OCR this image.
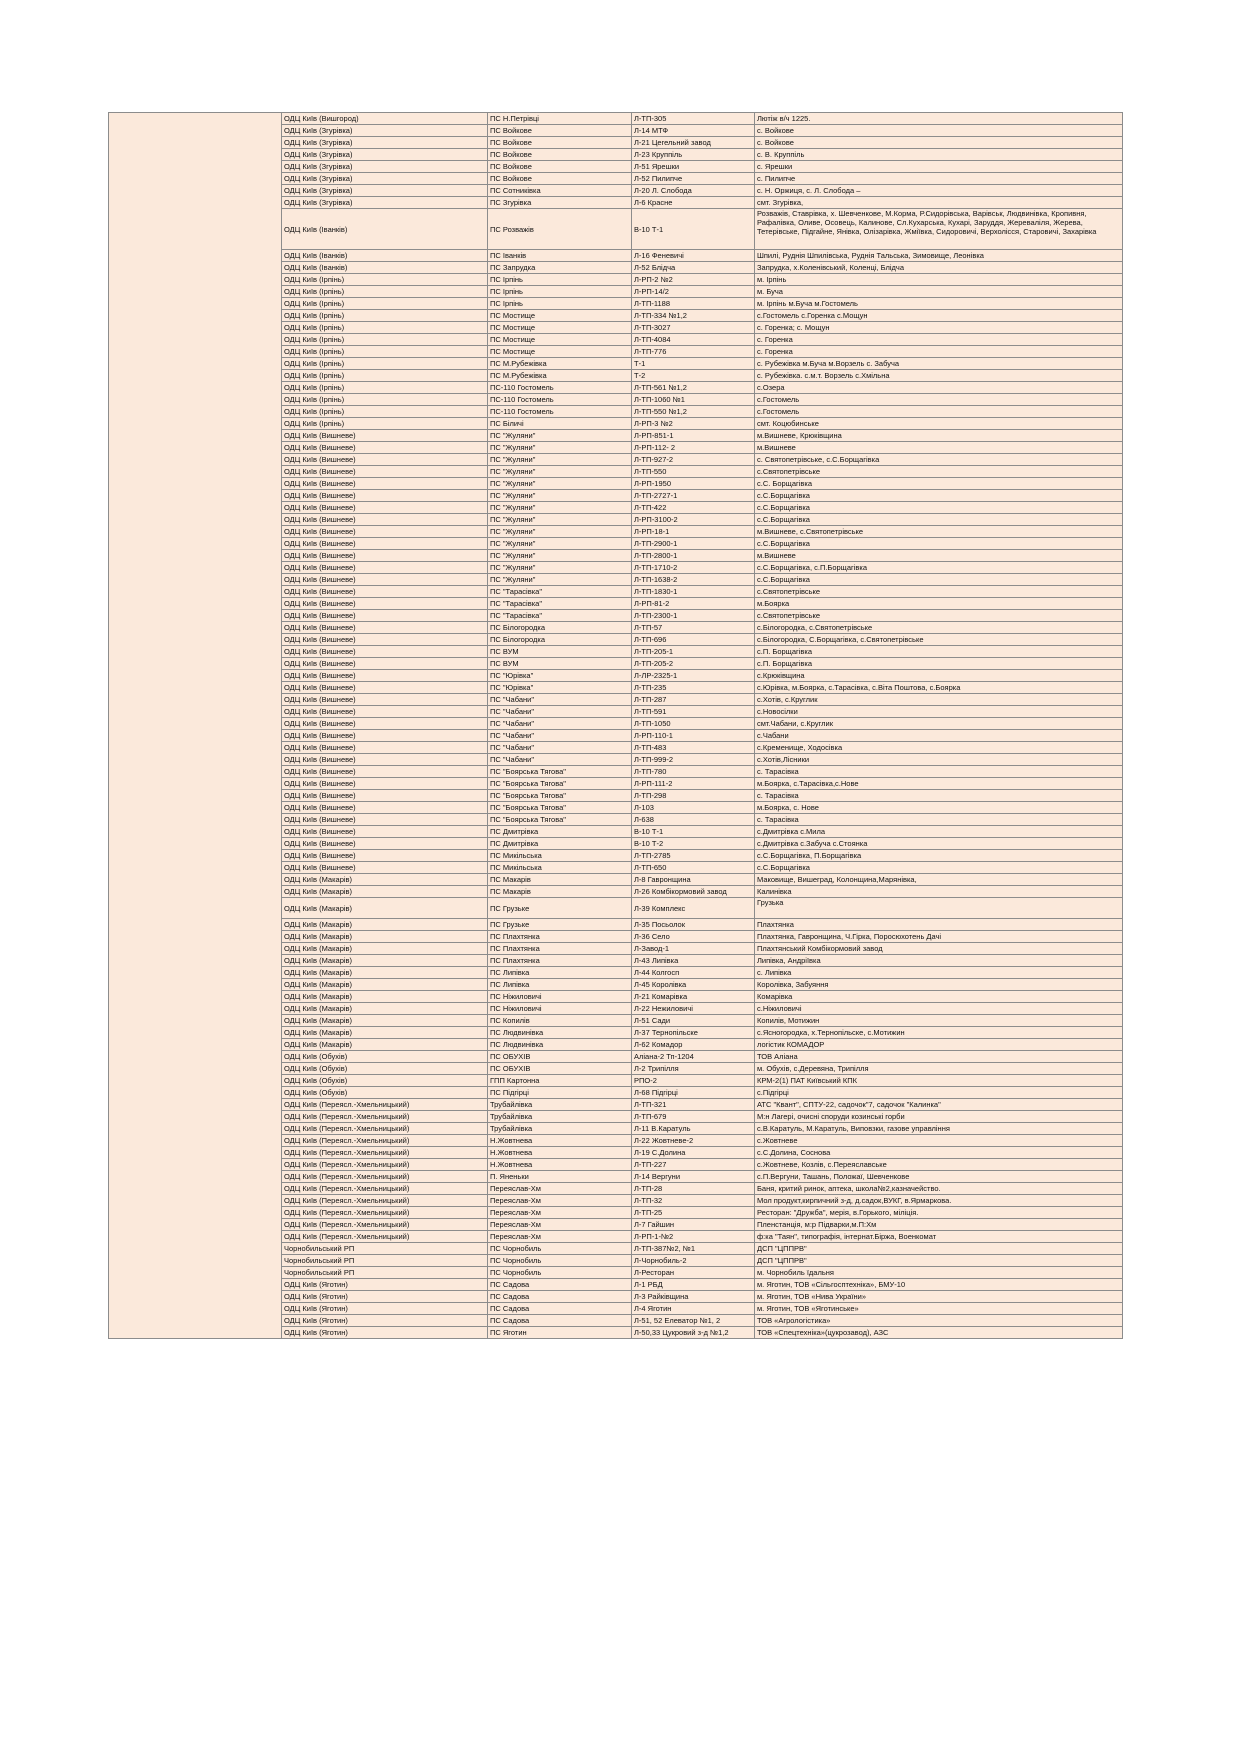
	ОДЦ Київ (Вишгород)	ПС Н.Петрівці	Л-ТП-305	Лютіж в/ч 1225.
	ОДЦ Київ (Згурівка)	ПС Войкове	Л-14 МТФ	с. Войкове
	ОДЦ Київ (Згурівка)	ПС Войкове	Л-21 Цегельний завод	с. Войкове
	ОДЦ Київ (Згурівка)	ПС Войкове	Л-23 Круппіль	с. В. Круппіль
	ОДЦ Київ (Згурівка)	ПС Войкове	Л-51 Ярешки	с. Ярешки
	ОДЦ Київ (Згурівка)	ПС Войкове	Л-52 Пилипче	с. Пилипче
	ОДЦ Київ (Згурівка)	ПС Сотниківка	Л-20 Л. Слобода	с. Н. Оржиця, с. Л. Слобода –
	ОДЦ Київ (Згурівка)	ПС Згурівка	Л-6 Красне	смт. Згурівка,
	ОДЦ Київ (Іванків)	ПС Розважів	В-10 Т-1	Розважів, Ставрівка, х. Шевченкове, М.Корма, Р.Сидорівська, Варівськ, Людвинівка, Кропивня, Рафалівка, Оливе, Осовець, Калинове, Сл.Кухарська, Кухарі, Заруддя, Жереваліля, Жерева, Тетерівське, Підгайне, Янівка, Олізарівка, Жміївка, Сидоровичі, Верхолісся, Старовичі, Захарівка
	ОДЦ Київ (Іванків)	ПС Іванків	Л-16 Феневичі	Шпилі, Руднія Шпилівська, Руднія Тальська, Зимовище, Леонівка
	ОДЦ Київ (Іванків)	ПС Запрудка	Л-52 Блідча	Запрудка, х.Коленівський, Коленці, Блідча
	ОДЦ Київ (Ірпінь)	ПС Ірпінь	Л-РП-2 №2	м. Ірпінь
	ОДЦ Київ (Ірпінь)	ПС Ірпінь	Л-РП-14/2	м. Буча
	ОДЦ Київ (Ірпінь)	ПС Ірпінь	Л-ТП-1188	м. Ірпінь м.Буча м.Гостомель
	ОДЦ Київ (Ірпінь)	ПС Мостище	Л-ТП-334 №1,2	с.Гостомель с.Горенка с.Мощун
	ОДЦ Київ (Ірпінь)	ПС Мостище	Л-ТП-3027	с. Горенка; с. Мощун
	ОДЦ Київ (Ірпінь)	ПС Мостище	Л-ТП-4084	с. Горенка
	ОДЦ Київ (Ірпінь)	ПС Мостище	Л-ТП-776	с. Горенка
	ОДЦ Київ (Ірпінь)	ПС М.Рубежівка	Т-1	с. Рубежівка м.Буча м.Ворзель с. Забуча
	ОДЦ Київ (Ірпінь)	ПС М.Рубежівка	Т-2	с. Рубежівка. с.м.т. Ворзель с.Хмільна
	ОДЦ Київ (Ірпінь)	ПС-110 Гостомель	Л-ТП-561 №1,2	с.Озера
	ОДЦ Київ (Ірпінь)	ПС-110 Гостомель	Л-ТП-1060 №1	с.Гостомель
	ОДЦ Київ (Ірпінь)	ПС-110 Гостомель	Л-ТП-550 №1,2	с.Гостомель
	ОДЦ Київ (Ірпінь)	ПС Біличі	Л-РП-3 №2	смт. Коцюбинське
	ОДЦ Київ (Вишневе)	ПС "Жуляни"	Л-РП-851-1	м.Вишневе, Крюківщина
	ОДЦ Київ (Вишневе)	ПС "Жуляни"	Л-РП-112- 2	м.Вишневе
	ОДЦ Київ (Вишневе)	ПС "Жуляни"	Л-ТП-927-2	с. Святопетрівське, с.С.Борщагівка
	ОДЦ Київ (Вишневе)	ПС "Жуляни"	Л-ТП-550	с.Святопетрівське
	ОДЦ Київ (Вишневе)	ПС "Жуляни"	Л-РП-1950	с.С. Борщагівка
	ОДЦ Київ (Вишневе)	ПС "Жуляни"	Л-ТП-2727-1	с.С.Борщагівка
	ОДЦ Київ (Вишневе)	ПС "Жуляни"	Л-ТП-422	с.С.Борщагівка
	ОДЦ Київ (Вишневе)	ПС "Жуляни"	Л-РП-3100-2	с.С.Борщагівка
	ОДЦ Київ (Вишневе)	ПС "Жуляни"	Л-РП-18-1	м.Вишневе, с.Святопетрівське
	ОДЦ Київ (Вишневе)	ПС "Жуляни"	Л-ТП-2900-1	с.С.Борщагівка
	ОДЦ Київ (Вишневе)	ПС "Жуляни"	Л-ТП-2800-1	м.Вишневе
	ОДЦ Київ (Вишневе)	ПС "Жуляни"	Л-ТП-1710-2	с.С.Борщагівка, с.П.Борщагівка
	ОДЦ Київ (Вишневе)	ПС "Жуляни"	Л-ТП-1638-2	с.С.Борщагівка
	ОДЦ Київ (Вишневе)	ПС "Тарасівка"	Л-ТП-1830-1	с.Святопетрівське
	ОДЦ Київ (Вишневе)	ПС "Тарасівка"	Л-РП-81-2	м.Боярка
	ОДЦ Київ (Вишневе)	ПС "Тарасівка"	Л-ТП-2300-1	с.Святопетрівське
	ОДЦ Київ (Вишневе)	ПС Білогородка	Л-ТП-57	с.Білогородка, с.Святопетрівське
	ОДЦ Київ (Вишневе)	ПС Білогородка	Л-ТП-696	с.Білогородка, С.Борщагівка, с.Святопетрівське
	ОДЦ Київ (Вишневе)	ПС ВУМ	Л-ТП-205-1	с.П. Борщагівка
	ОДЦ Київ (Вишневе)	ПС ВУМ	Л-ТП-205-2	с.П. Борщагівка
	ОДЦ Київ (Вишневе)	ПС "Юрівка"	Л-ЛР-2325-1	с.Крюківщина
	ОДЦ Київ (Вишневе)	ПС "Юрівка"	Л-ТП-235	с.Юрівка, м.Боярка, с.Тарасівка, с.Віта Поштова, с.Боярка
	ОДЦ Київ (Вишневе)	ПС "Чабани"	Л-ТП-287	с.Хотів, с.Круглик
	ОДЦ Київ (Вишневе)	ПС "Чабани"	Л-ТП-591	с.Новосілки
	ОДЦ Київ (Вишневе)	ПС "Чабани"	Л-ТП-1050	смт.Чабани, с.Круглик
	ОДЦ Київ (Вишневе)	ПС "Чабани"	Л-РП-110-1	с.Чабани
	ОДЦ Київ (Вишневе)	ПС "Чабани"	Л-ТП-483	с.Кременище, Ходосівка
	ОДЦ Київ (Вишневе)	ПС "Чабани"	Л-ТП-999-2	с.Хотів,Лісники
	ОДЦ Київ (Вишневе)	ПС "Боярська Тягова"	Л-ТП-780	с. Тарасівка
	ОДЦ Київ (Вишневе)	ПС "Боярська Тягова"	Л-РП-111-2	м.Боярка, с.Тарасівка,с.Нове
	ОДЦ Київ (Вишневе)	ПС "Боярська Тягова"	Л-ТП-298	с. Тарасівка
	ОДЦ Київ (Вишневе)	ПС "Боярська Тягова"	Л-103	м.Боярка, с. Нове
	ОДЦ Київ (Вишневе)	ПС "Боярська Тягова"	Л-638	с. Тарасівка
	ОДЦ Київ (Вишневе)	ПС Дмитрівка	В-10 Т-1	с.Дмитрівка с.Мила
	ОДЦ Київ (Вишневе)	ПС Дмитрівка	В-10 Т-2	с.Дмитрівка с.Забуча с.Стоянка
	ОДЦ Київ (Вишневе)	ПС Микільська	Л-ТП-2785	с.С.Борщагівка, П.Борщагівка
	ОДЦ Київ (Вишневе)	ПС Микільська	Л-ТП-650	с.С.Борщагівка
	ОДЦ Київ (Макарів)	ПС Макарів	Л-8 Гавронщина	Маковище, Вишеград, Колонщина,Марянівка,
	ОДЦ Київ (Макарів)	ПС Макарів	Л-26 Комбікормовий завод	Калинівка
	ОДЦ Київ (Макарів)	ПС Грузьке	Л-39 Комплекс	Грузька
	ОДЦ Київ (Макарів)	ПС Грузьке	Л-35 Посьолок	Плахтянка
	ОДЦ Київ (Макарів)	ПС Плахтянка	Л-36 Село	Плахтянка, Гавронщина, Ч.Гірка, Поросюхотень Дачі
	ОДЦ Київ (Макарів)	ПС Плахтянка	Л-Завод-1	Плахтянський Комбікормовий завод
	ОДЦ Київ (Макарів)	ПС Плахтянка	Л-43 Липівка	Липівка, Андріївка
	ОДЦ Київ (Макарів)	ПС Липівка	Л-44 Колгосп	с. Липівка
	ОДЦ Київ (Макарів)	ПС Липівка	Л-45 Королівка	Королівка, Забуяння
	ОДЦ Київ (Макарів)	ПС Ніжиловичі	Л-21 Комарівка	Комарівка
	ОДЦ Київ (Макарів)	ПС Ніжиловичі	Л-22 Нежиловичі	с.Ніжиловичі
	ОДЦ Київ (Макарів)	ПС Копилів	Л-51 Сади	Копилів, Мотижин
	ОДЦ Київ (Макарів)	ПС Людвинівка	Л-37 Тернопільске	с.Ясногородка, х.Тернопільске, с.Мотижин
	ОДЦ Київ (Макарів)	ПС Людвинівка	Л-62 Комадор	логістик КОМАДОР
	ОДЦ Київ (Обухів)	ПС ОБУХІВ	Аліана-2 Тп-1204	ТОВ Аліана
	ОДЦ Київ (Обухів)	ПС ОБУХІВ	Л-2 Трипілля	м. Обухів, с.Деревяна, Трипілля
	ОДЦ Київ (Обухів)	ГПП Картонна	РПО-2	КРМ-2(1) ПАТ Київський КПК
	ОДЦ Київ (Обухів)	ПС Підгірці	Л-68 Підгірці	с.Підгірці
	ОДЦ Київ (Переясл.-Хмельницький)	Трубайлівка	Л-ТП-321	АТС "Квант", СПТУ-22, садочок"7, садочок "Калинка"
	ОДЦ Київ (Переясл.-Хмельницький)	Трубайлівка	Л-ТП-679	М:н Лагері, очисні споруди козинські горби
	ОДЦ Київ (Переясл.-Хмельницький)	Трубайлівка	Л-11 В.Каратуль	с.В.Каратуль, М.Каратуль, Виповзки, газове управління
	ОДЦ Київ (Переясл.-Хмельницький)	Н.Жовтнева	Л-22 Жовтневе-2	с.Жовтневе
	ОДЦ Київ (Переясл.-Хмельницький)	Н.Жовтнева	Л-19 С.Долина	с.С.Долина, Соснова
	ОДЦ Київ (Переясл.-Хмельницький)	Н.Жовтнева	Л-ТП-227	с.Жовтневе, Козлів, с.Переяславське
	ОДЦ Київ (Переясл.-Хмельницький)	П. Яненьки	Л-14 Вергуни	с.П.Вергуни, Ташань, Положаї, Шевченкове
	ОДЦ Київ (Переясл.-Хмельницький)	Переяслав-Хм	Л-ТП-28	Баня, критий ринок, аптека, школа№2,казначейство.
	ОДЦ Київ (Переясл.-Хмельницький)	Переяслав-Хм	Л-ТП-32	Мол продукт,кирпичний з-д, д.садок,ВУКГ, в.Ярмаркова.
	ОДЦ Київ (Переясл.-Хмельницький)	Переяслав-Хм	Л-ТП-25	Ресторан: "Дружба", мерія, в.Горького, міліція.
	ОДЦ Київ (Переясл.-Хмельницький)	Переяслав-Хм	Л-7 Гайшин	Пленстанція, м:р Підварки,м.П:Хм
	ОДЦ Київ (Переясл.-Хмельницький)	Переяслав-Хм	Л-РП-1-№2	ф:ка "Таян", типографія, інтернат.Біржа, Военкомат
	Чорнобильський РП	ПС Чорнобиль	Л-ТП-387№2, №1	ДСП "ЦППРВ"
	Чорнобильський РП	ПС Чорнобиль	Л-Чорнобиль-2	ДСП "ЦППРВ"
	Чорнобильський РП	ПС Чорнобиль	Л-Ресторан	м. Чорнобиль їдальня
	ОДЦ Київ (Яготин)	ПС Садова	Л-1 РБД	м. Яготин, ТОВ «Сільгосптехніка», БМУ-10
	ОДЦ Київ (Яготин)	ПС Садова	Л-3 Райківщина	м. Яготин, ТОВ «Нива України»
	ОДЦ Київ (Яготин)	ПС Садова	Л-4 Яготин	м. Яготин, ТОВ «Яготинське»
	ОДЦ Київ (Яготин)	ПС Садова	Л-51, 52 Елеватор №1, 2	ТОВ «Агрологістика»
	ОДЦ Київ (Яготин)	ПС Яготин	Л-50,33 Цукровий з-д №1,2	ТОВ «Спецтехніка»(цукрозавод), АЗС
